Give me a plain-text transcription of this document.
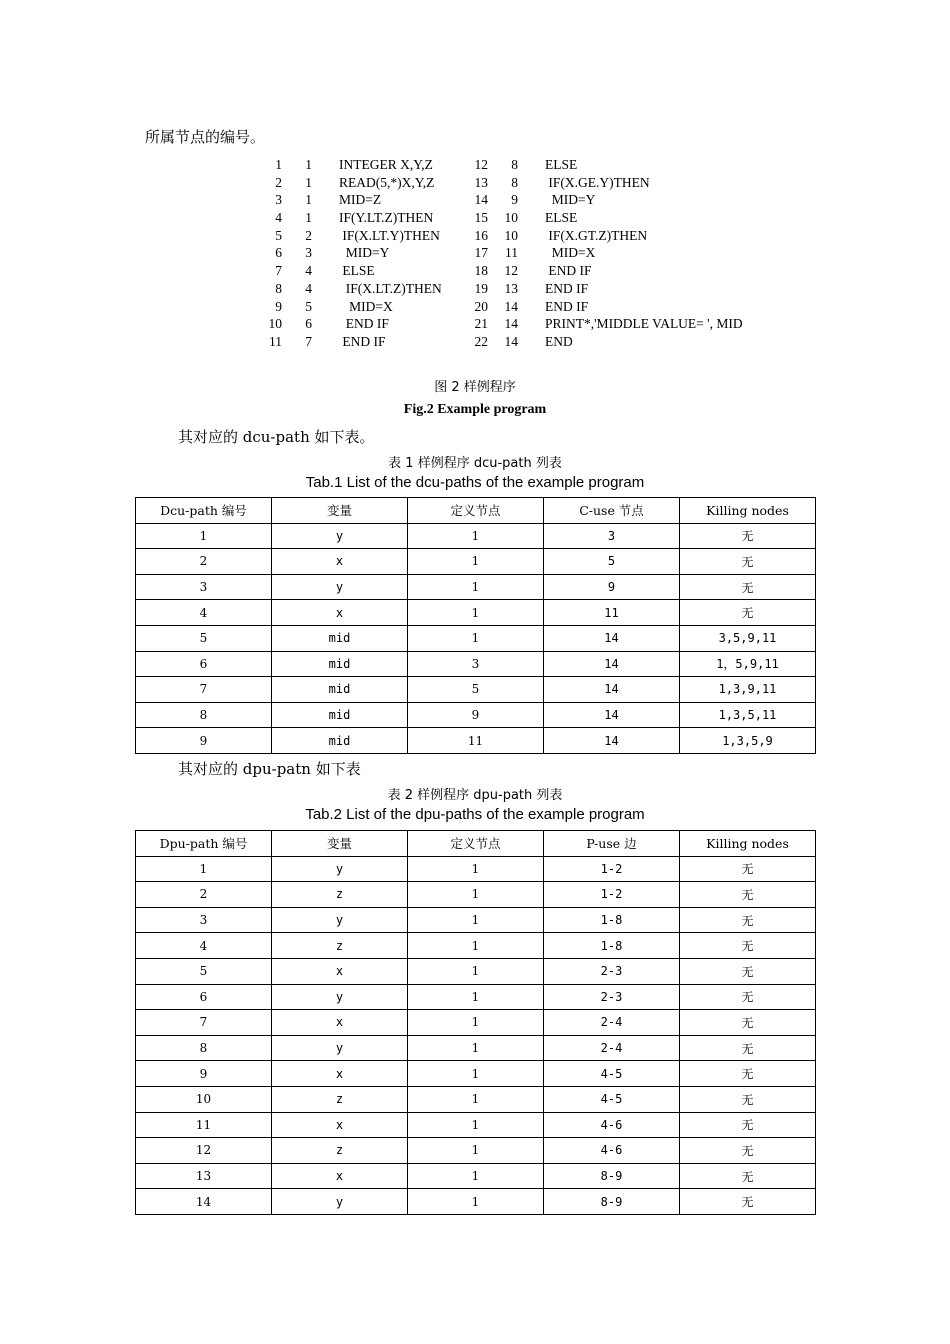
所属节点的编号。
1	1	INTEGER X,Y,Z	12	8	ELSE
2	1	READ(5,*)X,Y,Z	13	8	IF(X.GE.Y)THEN
3	1	MID=Z	14	9	MID=Y
4	1	IF(Y.LT.Z)THEN	15	10	ELSE
5	2	IF(X.LT.Y)THEN	16	10	IF(X.GT.Z)THEN
6	3	MID=Y	17	11	MID=X
7	4	ELSE	18	12	END IF
8	4	IF(X.LT.Z)THEN	19	13	END IF
9	5	MID=X	20	14	END IF
10	6	END IF	21	14	PRINT*,'MIDDLE VALUE= ', MID
11	7	END IF	22	14	END
图 2 样例程序
Fig.2 Example program
其对应的 dcu-path 如下表。
表 1 样例程序 dcu-path 列表
Tab.1 List of the dcu-paths of the example program
Dcu-path 编号	变量	定义节点	C-use 节点	Killing nodes
1	y	1	3	无
2	x	1	5	无
3	y	1	9	无
4	x	1	11	无
5	mid	1	14	3,5,9,11
6	mid	3	14	1，5,9,11
7	mid	5	14	1,3,9,11
8	mid	9	14	1,3,5,11
9	mid	11	14	1,3,5,9
其对应的 dpu-patn 如下表
表 2 样例程序 dpu-path 列表
Tab.2 List of the dpu-paths of the example program
Dpu-path 编号	变量	定义节点	P-use 边	Killing nodes
1	y	1	1-2	无
2	z	1	1-2	无
3	y	1	1-8	无
4	z	1	1-8	无
5	x	1	2-3	无
6	y	1	2-3	无
7	x	1	2-4	无
8	y	1	2-4	无
9	x	1	4-5	无
10	z	1	4-5	无
11	x	1	4-6	无
12	z	1	4-6	无
13	x	1	8-9	无
14	y	1	8-9	无
